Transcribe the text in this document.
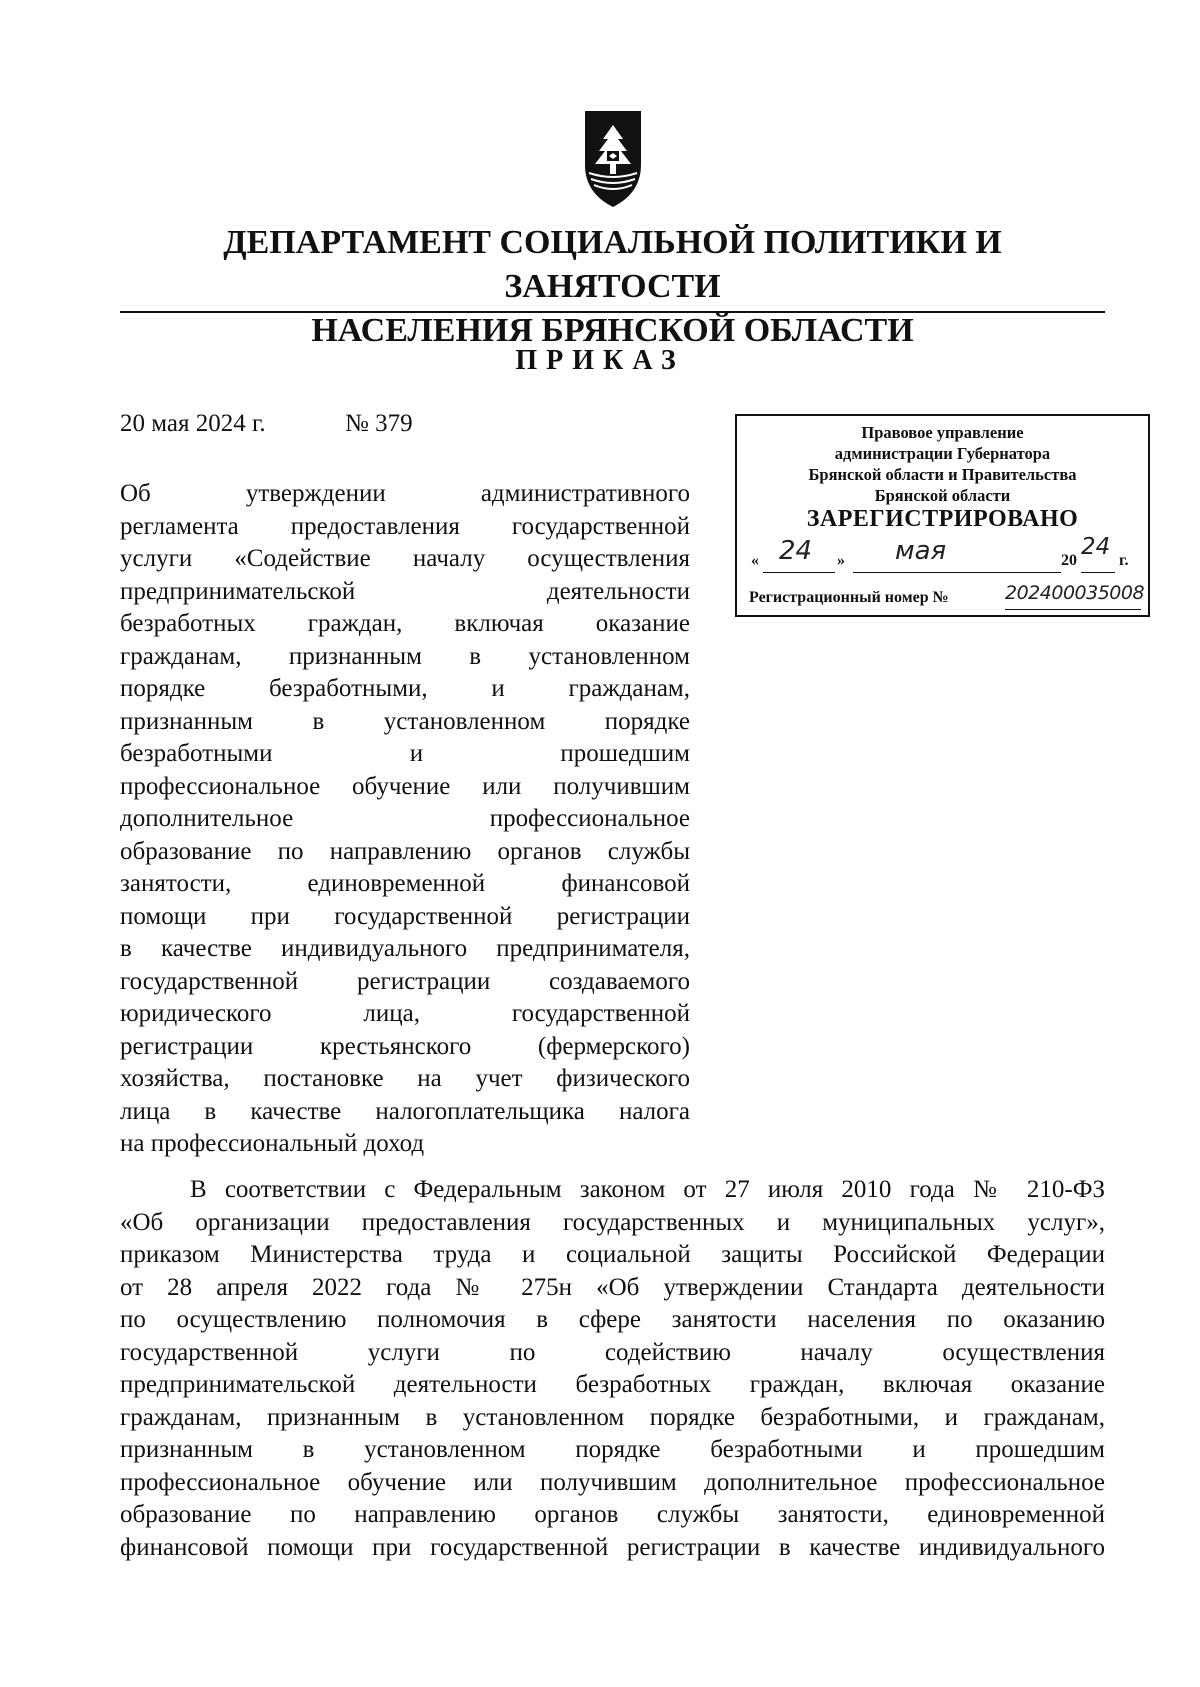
ДЕПАРТАМЕНТ СОЦИАЛЬНОЙ ПОЛИТИКИ И ЗАНЯТОСТИ
НАСЕЛЕНИЯ БРЯНСКОЙ ОБЛАСТИ
ПРИКАЗ
20 мая 2024 г.	№ 379	Правовое управление
администрации Губернатора
Брянской области и Правительства
Брянской области
ЗАРЕГИСТРИРОВАНО
« 24 » мая	20
24
г.
Регистрационный номер №	202400035008
Об утверждении административного
регламента предоставления государственной
услуги «Содействие началу осуществления
предпринимательской деятельности
безработных граждан, включая оказание
гражданам, признанным в установленном
порядке безработными, и гражданам,
признанным в установленном порядке
безработными и прошедшим
профессиональное обучение или получившим
дополнительное профессиональное
образование по направлению органов службы
занятости, единовременной финансовой
помощи при государственной регистрации
в качестве индивидуального предпринимателя,
государственной регистрации создаваемого
юридического лица, государственной
регистрации крестьянского (фермерского)
хозяйства, постановке на учет физического
лица в качестве налогоплательщика налога
на профессиональный доход
В соответствии с Федеральным законом от 27 июля 2010 года № 210-ФЗ
«Об организации предоставления государственных и муниципальных услуг»,
приказом Министерства труда и социальной защиты Российской Федерации
от 28 апреля 2022 года № 275н «Об утверждении Стандарта деятельности
по осуществлению полномочия в сфере занятости населения по оказанию
государственной услуги по содействию началу осуществления
предпринимательской деятельности безработных граждан, включая оказание
гражданам, признанным в установленном порядке безработными, и гражданам,
признанным в установленном порядке безработными и прошедшим
профессиональное обучение или получившим дополнительное профессиональное
образование по направлению органов службы занятости, единовременной
финансовой помощи при государственной регистрации в качестве индивидуального
